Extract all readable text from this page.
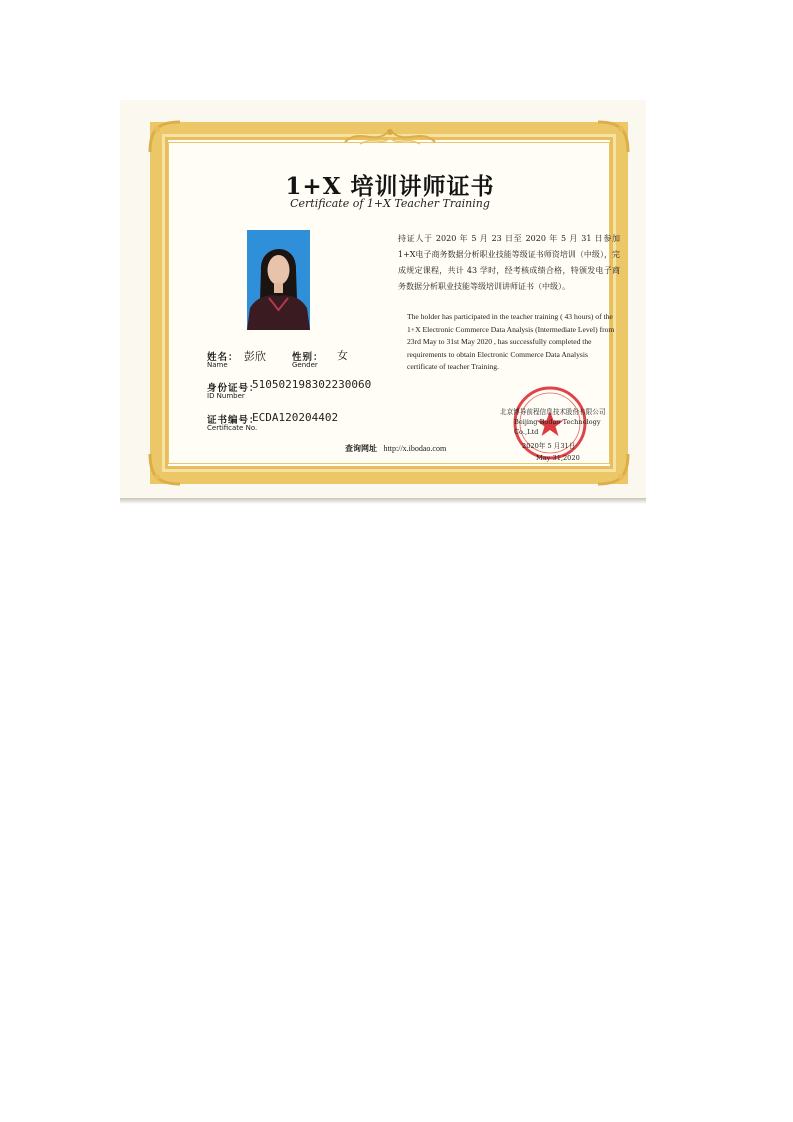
1+X 培训讲师证书
Certificate of 1+X Teacher Training
姓名：
Name
彭欣	性别：
Gender
女
身份证号：
ID Number
510502198302230060
证书编号：
Certificate No.
ECDA120204402
持证人于 2020 年 5 月 23 日至 2020 年 5 月 31 日参加1+X电子商务数据分析职业技能等级证书师资培训（中级），完成规定课程，共计 43 学时，经考核成绩合格，特颁发电子商务数据分析职业技能等级培训讲师证书（中级）。
The holder has participated in the teacher training ( 43 hours) of the 1+X Electronic Commerce Data Analysis (Intermediate Level) from 23rd May to 31st May 2020 , has successfully completed the requirements to obtain Electronic Commerce Data Analysis certificate of teacher Training.
北京博导前程信息技术股份有限公司
Beijing Bodao Technology Co.,Ltd
2020年 5 月31日
May 31,2020
查询网址 http://x.ibodao.com
